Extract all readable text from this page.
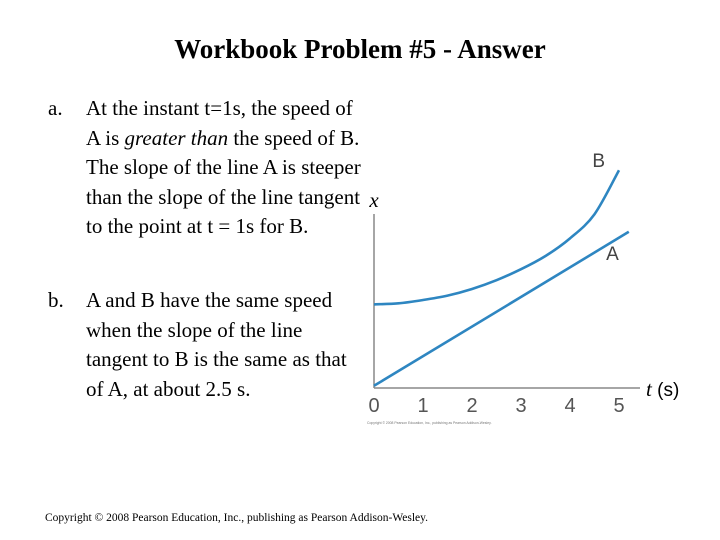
Workbook Problem #5 - Answer
a.	At the instant t=1s, the speed of A is greater than the speed of B. The slope of the line A is steeper than the slope of the line tangent to the point at t = 1s for B.
b.	A and B have the same speed when the slope of the line tangent to B is the same as that of A, at about 2.5 s.
x
t (s)
0 1 2 3 4 5
B
A
Copyright © 2008 Pearson Education, Inc., publishing as Pearson Addison-Wesley.
Copyright © 2008 Pearson Education, Inc., publishing as Pearson Addison-Wesley.
